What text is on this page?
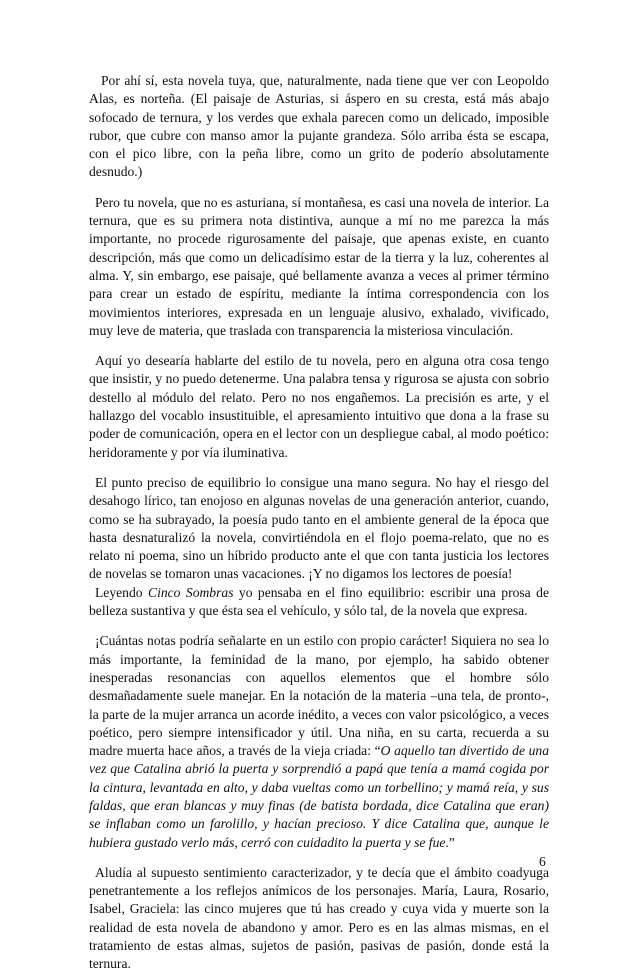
Por ahí sí, esta novela tuya, que, naturalmente, nada tiene que ver con Leopoldo Alas, es norteña. (El paisaje de Asturias, si áspero en su cresta, está más abajo sofocado de ternura, y los verdes que exhala parecen como un delicado, imposible rubor, que cubre con manso amor la pujante grandeza. Sólo arriba ésta se escapa, con el pico libre, con la peña libre, como un grito de poderío absolutamente desnudo.)

Pero tu novela, que no es asturiana, sí montañesa, es casi una novela de interior. La ternura, que es su primera nota distintiva, aunque a mí no me parezca la más importante, no procede rigurosamente del paisaje, que apenas existe, en cuanto descripción, más que como un delicadísimo estar de la tierra y la luz, coherentes al alma. Y, sin embargo, ese paisaje, qué bellamente avanza a veces al primer término para crear un estado de espíritu, mediante la íntima correspondencia con los movimientos interiores, expresada en un lenguaje alusivo, exhalado, vivificado, muy leve de materia, que traslada con transparencia la misteriosa vinculación.

Aquí yo desearía hablarte del estilo de tu novela, pero en alguna otra cosa tengo que insistir, y no puedo detenerme. Una palabra tensa y rigurosa se ajusta con sobrio destello al módulo del relato. Pero no nos engañemos. La precisión es arte, y el hallazgo del vocablo insustituible, el apresamiento intuitivo que dona a la frase su poder de comunicación, opera en el lector con un despliegue cabal, al modo poético: heridoramente y por vía iluminativa.

El punto preciso de equilibrio lo consigue una mano segura. No hay el riesgo del desahogo lírico, tan enojoso en algunas novelas de una generación anterior, cuando, como se ha subrayado, la poesía pudo tanto en el ambiente general de la época que hasta desnaturalizó la novela, convirtiéndola en el flojo poema-relato, que no es relato ni poema, sino un híbrido producto ante el que con tanta justicia los lectores de novelas se tomaron unas vacaciones. ¡Y no digamos los lectores de poesía!

Leyendo Cinco Sombras yo pensaba en el fino equilibrio: escribir una prosa de belleza sustantiva y que ésta sea el vehículo, y sólo tal, de la novela que expresa.

¡Cuántas notas podría señalarte en un estilo con propio carácter! Siquiera no sea lo más importante, la feminidad de la mano, por ejemplo, ha sabido obtener inesperadas resonancias con aquellos elementos que el hombre sólo desmañadamente suele manejar. En la notación de la materia –una tela, de pronto-, la parte de la mujer arranca un acorde inédito, a veces con valor psicológico, a veces poético, pero siempre intensificador y útil. Una niña, en su carta, recuerda a su madre muerta hace años, a través de la vieja criada: “O aquello tan divertido de una vez que Catalina abrió la puerta y sorprendió a papá que tenía a mamá cogida por la cintura, levantada en alto, y daba vueltas como un torbellino; y mamá reía, y sus faldas, que eran blancas y muy finas (de batista bordada, dice Catalina que eran) se inflaban como un farolillo, y hacían precioso. Y dice Catalina que, aunque le hubiera gustado verlo más, cerró con cuidadito la puerta y se fue.”

Aludía al supuesto sentimiento caracterizador, y te decía que el ámbito coadyuga penetrantemente a los reflejos anímicos de los personajes. María, Laura, Rosario, Isabel, Graciela: las cinco mujeres que tú has creado y cuya vida y muerte son la realidad de esta novela de abandono y amor. Pero es en las almas mismas, en el tratamiento de estas almas, sujetos de pasión, pasivas de pasión, donde está la ternura.

6
